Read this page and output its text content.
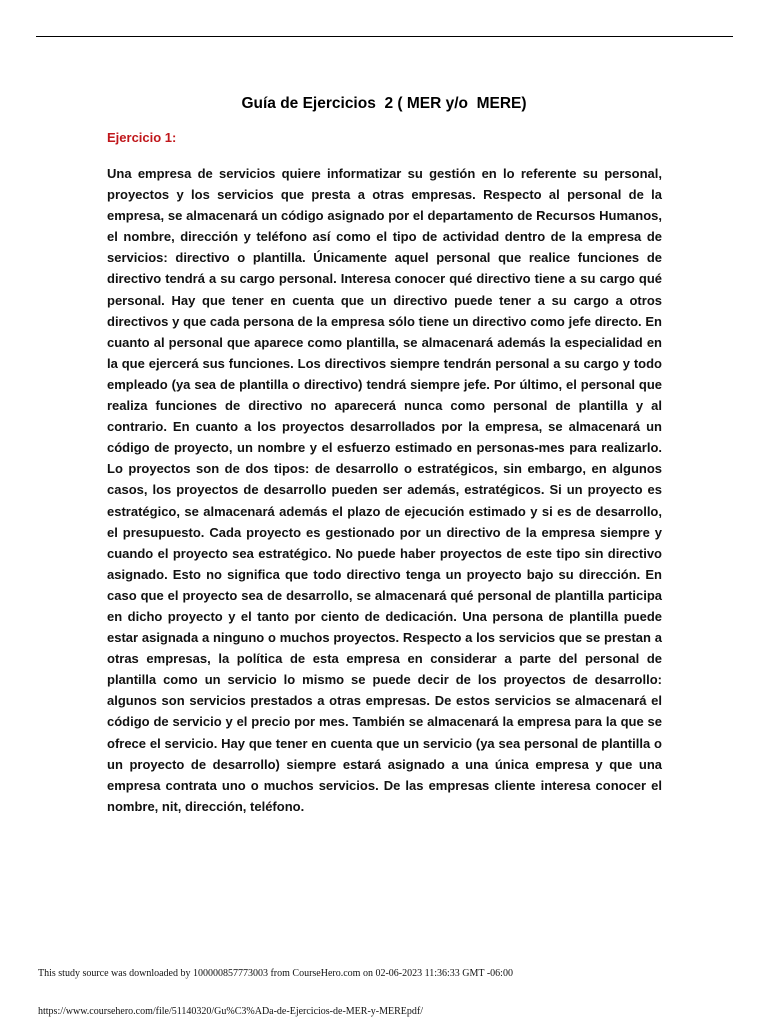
Guía de Ejercicios  2 ( MER y/o  MERE)
Ejercicio 1:
Una empresa de servicios quiere informatizar su gestión en lo referente su personal, proyectos y los servicios que presta a otras empresas. Respecto al personal de la empresa, se almacenará un código asignado por el departamento de Recursos Humanos, el nombre, dirección y teléfono así como el tipo de actividad dentro de la empresa de servicios: directivo o plantilla. Únicamente aquel personal que realice funciones de directivo tendrá a su cargo personal. Interesa conocer qué directivo tiene a su cargo qué personal. Hay que tener en cuenta que un directivo puede tener a su cargo a otros directivos y que cada persona de la empresa sólo tiene un directivo como jefe directo. En cuanto al personal que aparece como plantilla, se almacenará además la especialidad en la que ejercerá sus funciones. Los directivos siempre tendrán personal a su cargo y todo empleado (ya sea de plantilla o directivo) tendrá siempre jefe. Por último, el personal que realiza funciones de directivo no aparecerá nunca como personal de plantilla y al contrario. En cuanto a los proyectos desarrollados por la empresa, se almacenará un código de proyecto, un nombre y el esfuerzo estimado en personas-mes para realizarlo. Lo proyectos son de dos tipos: de desarrollo o estratégicos, sin embargo, en algunos casos, los proyectos de desarrollo pueden ser además, estratégicos. Si un proyecto es estratégico, se almacenará además el plazo de ejecución estimado y si es de desarrollo, el presupuesto. Cada proyecto es gestionado por un directivo de la empresa siempre y cuando el proyecto sea estratégico. No puede haber proyectos de este tipo sin directivo asignado. Esto no significa que todo directivo tenga un proyecto bajo su dirección. En caso que el proyecto sea de desarrollo, se almacenará qué personal de plantilla participa en dicho proyecto y el tanto por ciento de dedicación. Una persona de plantilla puede estar asignada a ninguno o muchos proyectos. Respecto a los servicios que se prestan a otras empresas, la política de esta empresa en considerar a parte del personal de plantilla como un servicio lo mismo se puede decir de los proyectos de desarrollo: algunos son servicios prestados a otras empresas. De estos servicios se almacenará el código de servicio y el precio por mes. También se almacenará la empresa para la que se ofrece el servicio. Hay que tener en cuenta que un servicio (ya sea personal de plantilla o un proyecto de desarrollo) siempre estará asignado a una única empresa y que una empresa contrata uno o muchos servicios. De las empresas cliente interesa conocer el nombre, nit, dirección, teléfono.
This study source was downloaded by 100000857773003 from CourseHero.com on 02-06-2023 11:36:33 GMT -06:00
https://www.coursehero.com/file/51140320/Gu%C3%ADa-de-Ejercicios-de-MER-y-MEREpdf/
